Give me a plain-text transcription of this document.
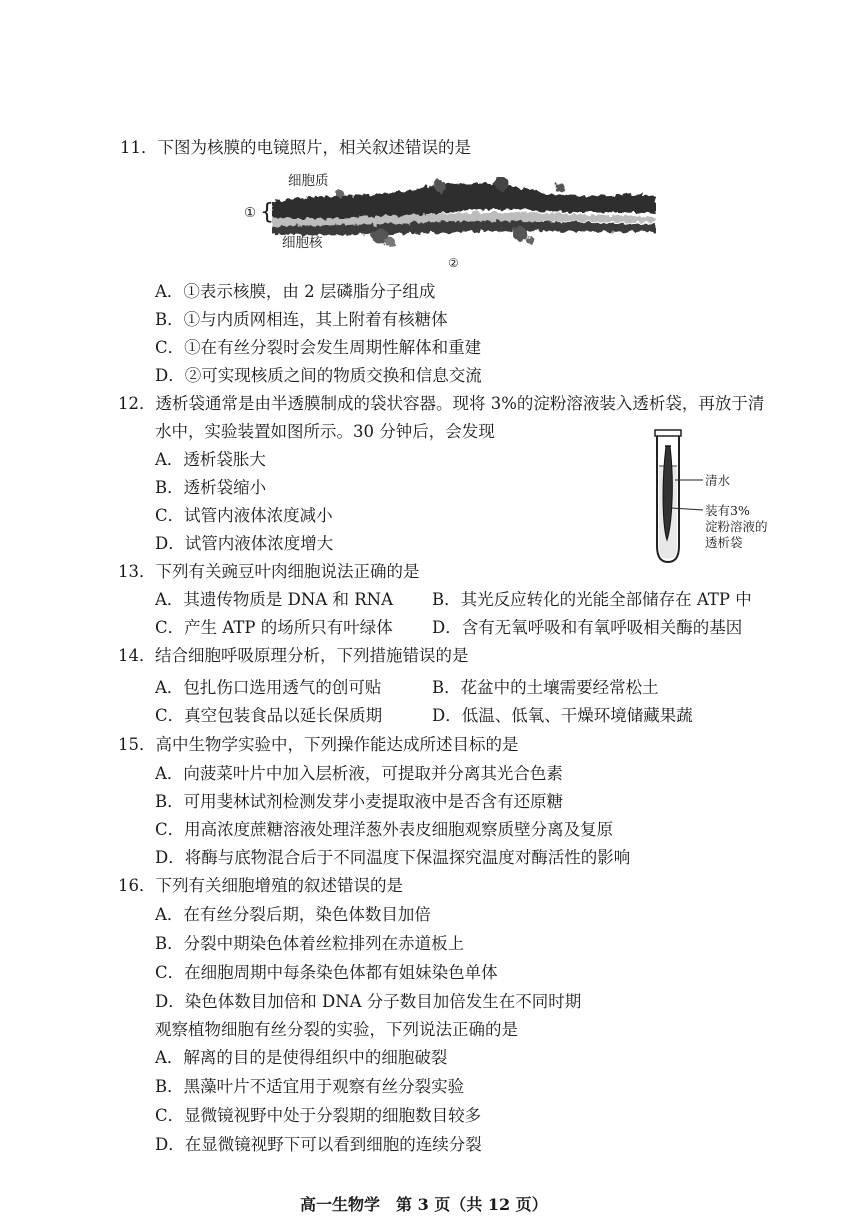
11．下图为核膜的电镜照片，相关叙述错误的是
细胞质
① {
细胞核
②
A．①表示核膜，由 2 层磷脂分子组成
B．①与内质网相连，其上附着有核糖体
C．①在有丝分裂时会发生周期性解体和重建
D．②可实现核质之间的物质交换和信息交流
12．透析袋通常是由半透膜制成的袋状容器。现将 3%的淀粉溶液装入透析袋，再放于清
水中，实验装置如图所示。30 分钟后，会发现
A．透析袋胀大
B．透析袋缩小
C．试管内液体浓度减小
D．试管内液体浓度增大
清水
装有3%
淀粉溶液的
透析袋
13．下列有关豌豆叶肉细胞说法正确的是
A．其遗传物质是 DNA 和 RNA B．其光反应转化的光能全部储存在 ATP 中
C．产生 ATP 的场所只有叶绿体 D．含有无氧呼吸和有氧呼吸相关酶的基因
14． 结合细胞呼吸原理分析，下列措施错误的是
A．包扎伤口选用透气的创可贴	B．花盆中的土壤需要经常松土
C．真空包装食品以延长保质期	D．低温、低氧、干燥环境储藏果蔬
15．高中生物学实验中，下列操作能达成所述目标的是
A．向菠菜叶片中加入层析液，可提取并分离其光合色素
B．可用斐林试剂检测发芽小麦提取液中是否含有还原糖
C．用高浓度蔗糖溶液处理洋葱外表皮细胞观察质壁分离及复原
D．将酶与底物混合后于不同温度下保温探究温度对酶活性的影响
16．下列有关细胞增殖的叙述错误的是
A．在有丝分裂后期，染色体数目加倍
B．分裂中期染色体着丝粒排列在赤道板上
C．在细胞周期中每条染色体都有姐妹染色单体
D．染色体数目加倍和 DNA 分子数目加倍发生在不同时期
观察植物细胞有丝分裂的实验，下列说法正确的是
A．解离的目的是使得组织中的细胞破裂
B．黑藻叶片不适宜用于观察有丝分裂实验
C．显微镜视野中处于分裂期的细胞数目较多
D．在显微镜视野下可以看到细胞的连续分裂
高一生物学　第 3 页（共 12 页）
